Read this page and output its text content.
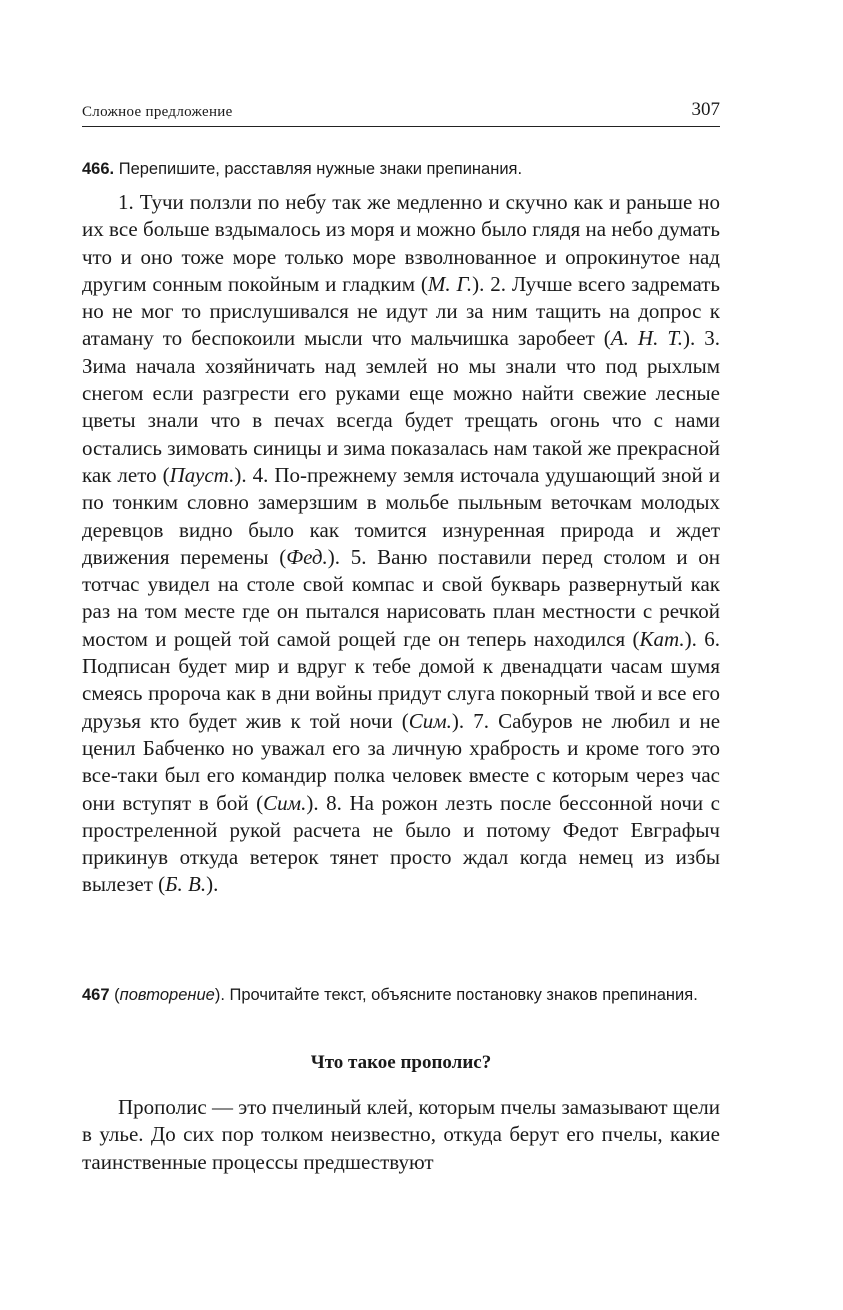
Сложное предложение	307
466. Перепишите, расставляя нужные знаки препинания.

1. Тучи ползли по небу так же медленно и скучно как и раньше но их все больше вздымалось из моря и можно было глядя на небо думать что и оно тоже море только море взволнованное и опрокинутое над другим сонным покойным и гладким (М. Г.). 2. Лучше всего задремать но не мог то прислушивался не идут ли за ним тащить на допрос к атаману то беспокоили мысли что мальчишка заробеет (А. Н. Т.). 3. Зима начала хозяйничать над землей но мы знали что под рыхлым снегом если разгрести его руками еще можно найти свежие лесные цветы знали что в печах всегда будет трещать огонь что с нами остались зимовать синицы и зима показалась нам такой же прекрасной как лето (Пауст.). 4. По-прежнему земля источала удушающий зной и по тонким словно замерзшим в мольбе пыльным веточкам молодых деревцов видно было как томится изнуренная природа и ждет движения перемены (Фед.). 5. Ваню поставили перед столом и он тотчас увидел на столе свой компас и свой букварь развернутый как раз на том месте где он пытался нарисовать план местности с речкой мостом и рощей той самой рощей где он теперь находился (Кат.). 6. Подписан будет мир и вдруг к тебе домой к двенадцати часам шумя смеясь пророча как в дни войны придут слуга покорный твой и все его друзья кто будет жив к той ночи (Сим.). 7. Сабуров не любил и не ценил Бабченко но уважал его за личную храбрость и кроме того это все-таки был его командир полка человек вместе с которым через час они вступят в бой (Сим.). 8. На рожон лезть после бессонной ночи с простреленной рукой расчета не было и потому Федот Евграфыч прикинув откуда ветерок тянет просто ждал когда немец из избы вылезет (Б. В.).

467 (повторение). Прочитайте текст, объясните постановку знаков препинания.
Что такое прополис?

Прополис — это пчелиный клей, которым пчелы замазывают щели в улье. До сих пор толком неизвестно, откуда берут его пчелы, какие таинственные процессы предшествуют
